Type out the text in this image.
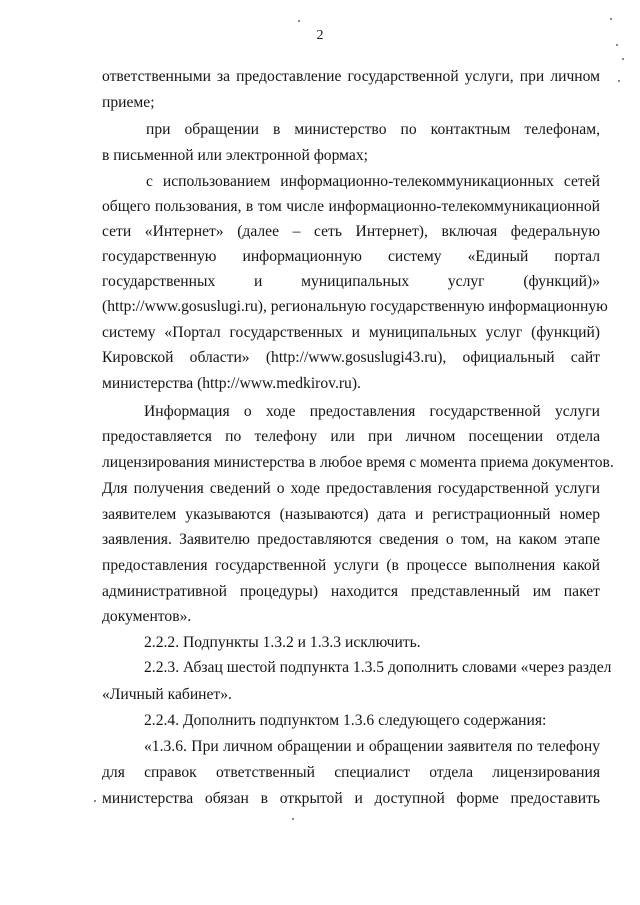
2
ответственными за предоставление государственной услуги, при личном
приеме;
при обращении в министерство по контактным телефонам,
в письменной или электронной формах;
с использованием информационно-телекоммуникационных сетей
общего пользования, в том числе информационно-телекоммуникационной
сети «Интернет» (далее – сеть Интернет), включая федеральную
государственную информационную систему «Единый портал
государственных и муниципальных услуг (функций)»
(http://www.gosuslugi.ru), региональную государственную информационную
систему «Портал государственных и муниципальных услуг (функций)
Кировской области» (http://www.gosuslugi43.ru), официальный сайт
министерства (http://www.medkirov.ru).
Информация о ходе предоставления государственной услуги
предоставляется по телефону или при личном посещении отдела
лицензирования министерства в любое время с момента приема документов.
Для получения сведений о ходе предоставления государственной услуги
заявителем указываются (называются) дата и регистрационный номер
заявления. Заявителю предоставляются сведения о том, на каком этапе
предоставления государственной услуги (в процессе выполнения какой
административной процедуры) находится представленный им пакет
документов».
2.2.2. Подпункты 1.3.2 и 1.3.3 исключить.
2.2.3. Абзац шестой подпункта 1.3.5 дополнить словами «через раздел
«Личный кабинет».
2.2.4. Дополнить подпунктом 1.3.6 следующего содержания:
«1.3.6. При личном обращении и обращении заявителя по телефону
для справок ответственный специалист отдела лицензирования
министерства обязан в открытой и доступной форме предоставить
